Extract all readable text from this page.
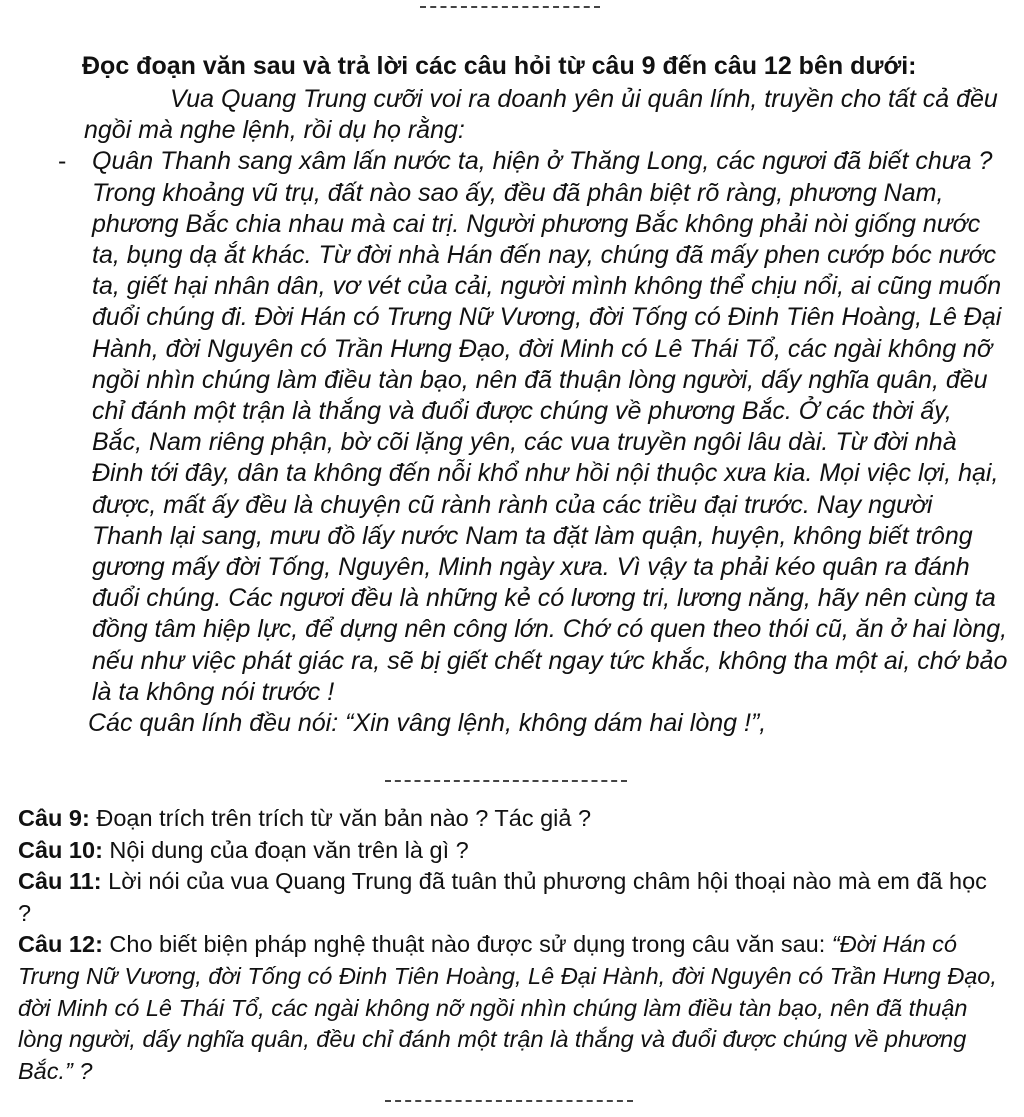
Đọc đoạn văn sau và trả lời các câu hỏi từ câu 9 đến câu 12 bên dưới:

Vua Quang Trung cưỡi voi ra doanh yên ủi quân lính, truyền cho tất cả đều ngồi mà nghe lệnh, rồi dụ họ rằng:

- Quân Thanh sang xâm lấn nước ta, hiện ở Thăng Long, các ngươi đã biết chưa ? Trong khoảng vũ trụ, đất nào sao ấy, đều đã phân biệt rõ ràng, phương Nam, phương Bắc chia nhau mà cai trị. Người phương Bắc không phải nòi giống nước ta, bụng dạ ắt khác. Từ đời nhà Hán đến nay, chúng đã mấy phen cướp bóc nước ta, giết hại nhân dân, vơ vét của cải, người mình không thể chịu nổi, ai cũng muốn đuổi chúng đi. Đời Hán có Trưng Nữ Vương, đời Tống có Đinh Tiên Hoàng, Lê Đại Hành, đời Nguyên có Trần Hưng Đạo, đời Minh có Lê Thái Tổ, các ngài không nỡ ngồi nhìn chúng làm điều tàn bạo, nên đã thuận lòng người, dấy nghĩa quân, đều chỉ đánh một trận là thắng và đuổi được chúng về phương Bắc. Ở các thời ấy, Bắc, Nam riêng phận, bờ cõi lặng yên, các vua truyền ngôi lâu dài. Từ đời nhà Đinh tới đây, dân ta không đến nỗi khổ như hồi nội thuộc xưa kia. Mọi việc lợi, hại, được, mất ấy đều là chuyện cũ rành rành của các triều đại trước. Nay người Thanh lại sang, mưu đồ lấy nước Nam ta đặt làm quận, huyện, không biết trông gương mấy đời Tống, Nguyên, Minh ngày xưa. Vì vậy ta phải kéo quân ra đánh đuổi chúng. Các ngươi đều là những kẻ có lương tri, lương năng, hãy nên cùng ta đồng tâm hiệp lực, để dựng nên công lớn. Chớ có quen theo thói cũ, ăn ở hai lòng, nếu như việc phát giác ra, sẽ bị giết chết ngay tức khắc, không tha một ai, chớ bảo là ta không nói trước !

Các quân lính đều nói: “Xin vâng lệnh, không dám hai lòng !”,

Câu 9: Đoạn trích trên trích từ văn bản nào ? Tác giả ?

Câu 10: Nội dung của đoạn văn trên là gì ?

Câu 11: Lời nói của vua Quang Trung đã tuân thủ phương châm hội thoại nào mà em đã học ?

Câu 12: Cho biết biện pháp nghệ thuật nào được sử dụng trong câu văn sau: “Đời Hán có Trưng Nữ Vương, đời Tống có Đinh Tiên Hoàng, Lê Đại Hành, đời Nguyên có Trần Hưng Đạo, đời Minh có Lê Thái Tổ, các ngài không nỡ ngồi nhìn chúng làm điều tàn bạo, nên đã thuận lòng người, dấy nghĩa quân, đều chỉ đánh một trận là thắng và đuổi được chúng về phương Bắc.” ?
